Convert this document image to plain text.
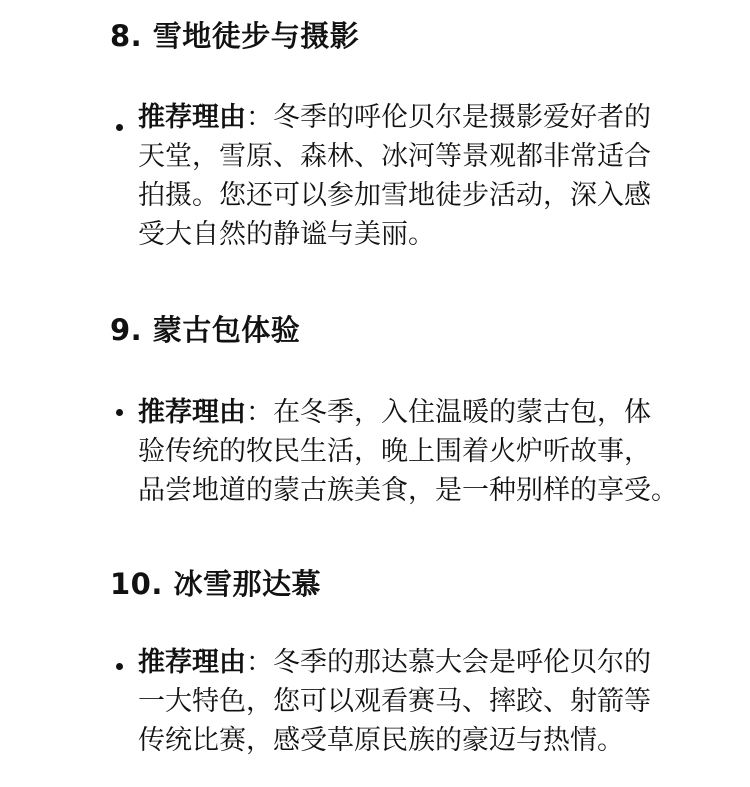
8. 雪地徒步与摄影
推荐理由：冬季的呼伦贝尔是摄影爱好者的
天堂，雪原、森林、冰河等景观都非常适合
拍摄。您还可以参加雪地徒步活动，深入感
受大自然的静谧与美丽。
9. 蒙古包体验
推荐理由：在冬季，入住温暖的蒙古包，体
验传统的牧民生活，晚上围着火炉听故事，
品尝地道的蒙古族美食，是一种别样的享受。
10. 冰雪那达慕
推荐理由：冬季的那达慕大会是呼伦贝尔的
一大特色，您可以观看赛马、摔跤、射箭等
传统比赛，感受草原民族的豪迈与热情。
